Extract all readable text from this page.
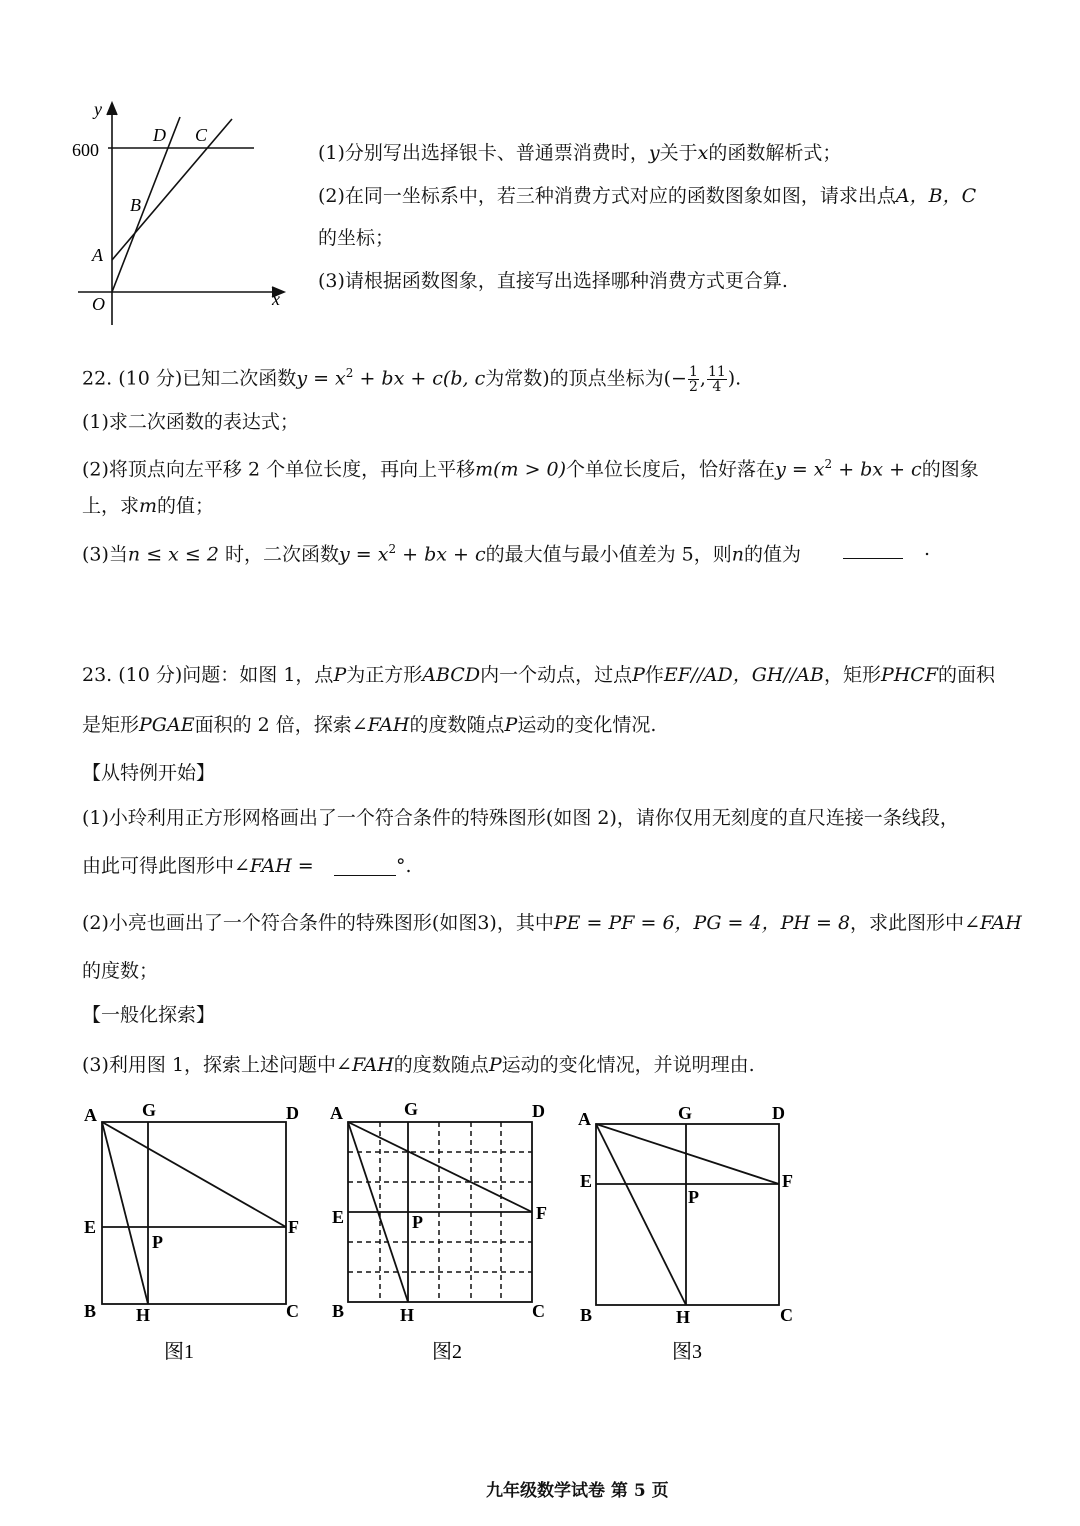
y
600
D C
B
A
O	x
(1)分别写出选择银卡、普通票消费时，y关于x的函数解析式；
(2)在同一坐标系中，若三种消费方式对应的函数图象如图，请求出点A，B，C
的坐标；
(3)请根据函数图象，直接写出选择哪种消费方式更合算.
22. (10 分)已知二次函数$y = x^2$ + bx + c(b, c为常数)的顶点坐标为(− $\frac{1}{2}$ , $\frac{11}{4}$ ).
(1)求二次函数的表达式；
(2)将顶点向左平移 2 个单位长度，再向上平移m(m > 0)个单位长度后，恰好落在$y = x^2$ + bx + c的图象
上，求m的值；
(3)当n ≤ x ≤ 2 时，二次函数$y = x^2$ + bx + c的最大值与最小值差为 5，则n的值为	.
23. (10 分)问题：如图 1，点P为正方形ABCD内一个动点，过点P作EF//AD，GH//AB，矩形PHCF的面积
是矩形PGAE面积的 2 倍，探索∠FAH的度数随点P运动的变化情况.
【从特例开始】
(1)小玲利用正方形网格画出了一个符合条件的特殊图形(如图 2)，请你仅用无刻度的直尺连接一条线段，
由此可得此图形中∠FAH =	°.
(2)小亮也画出了一个符合条件的特殊图形(如图3)，其中PE = PF = 6，PG = 4，PH = 8，求此图形中∠FAH
的度数；
【一般化探索】
(3)利用图 1，探索上述问题中∠FAH的度数随点P运动的变化情况，并说明理由.
A	G	D
E	F
P
B H	C
图1
A	G	D
E	F
P
B	H	C
图2
A	G	D
E	F
P
B	H	C
图3
九年级数学试卷 第 5 页
